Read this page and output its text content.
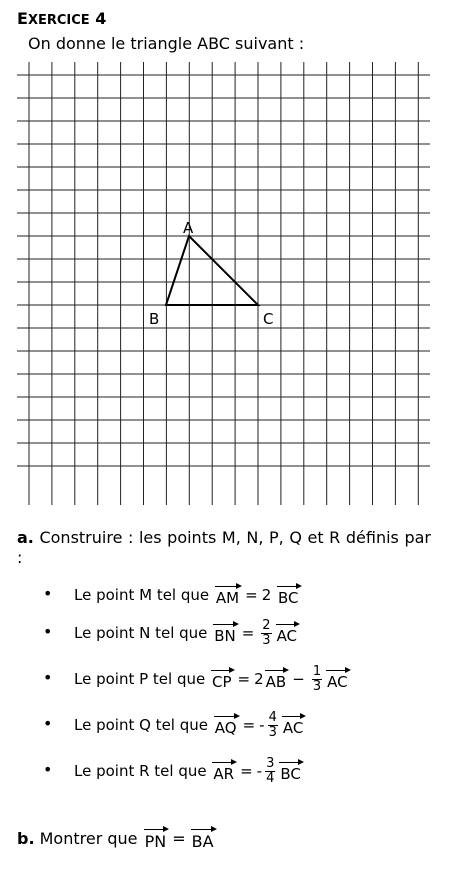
EXERCICE 4
On donne le triangle ABC suivant :
A
B	C
a. Construire : les points M, N, P, Q et R définis par :
• Le point M tel que
AM = 2
BC
• Le point N tel que
BN = $\frac{2}{3}$ AC
• Le point P tel que
CP = 2 AB − $\frac{1}{3}$ AC
• Le point Q tel que
AQ = - $\frac{4}{3}$ AC
• Le point R tel que
AR = - $\frac{3}{4}$ BC
b.
Montrer que
PN = BA
